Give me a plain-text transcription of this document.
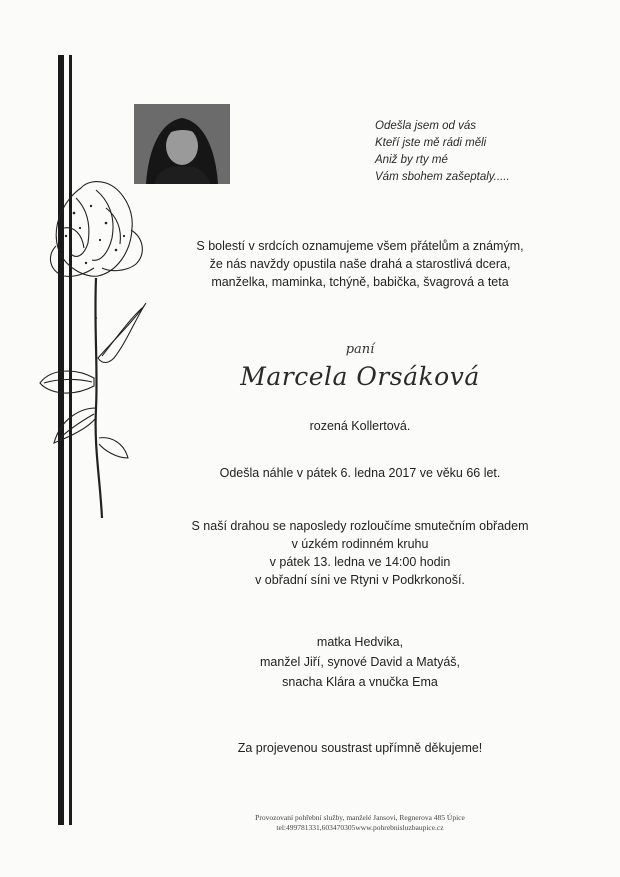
Odešla jsem od vás
Kteří jste mě rádi měli
Aniž by rty mé
Vám sbohem zašeptaly.....
S bolestí v srdcích oznamujeme všem přátelům a známým,
že nás navždy opustila naše drahá a starostlivá dcera,
manželka, maminka, tchýně, babička, švagrová a teta
paní
Marcela Orsáková
rozená Kollertová.
Odešla náhle v pátek 6. ledna 2017 ve věku 66 let.
S naší drahou se naposledy rozloučíme smutečním obřadem
v úzkém rodinném kruhu
v pátek 13. ledna ve 14:00 hodin
v obřadní síni ve Rtyni v Podkrkonoší.
matka Hedvika,
manžel Jiří, synové David a Matyáš,
snacha Klára a vnučka Ema
Za projevenou soustrast upřímně děkujeme!
Provozovaní pohřební služby, manželé Jansovi, Regnerova 485 Úpice
tel:499781331,603470305www.pohrebnisluzbaupice.cz
